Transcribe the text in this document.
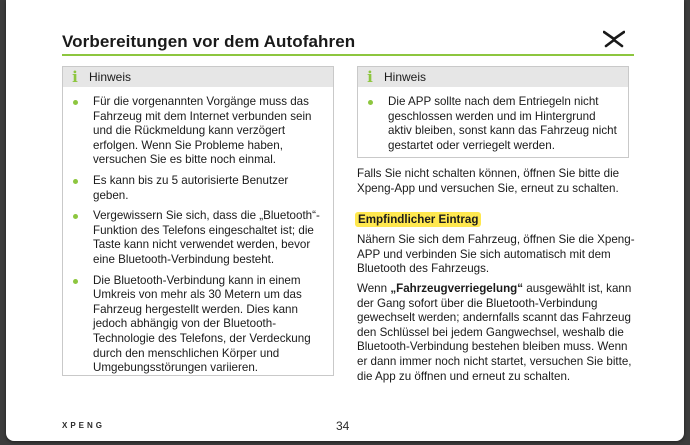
Vorbereitungen vor dem Autofahren
i Hinweis
Für die vorgenannten Vorgänge muss das Fahrzeug mit dem Internet verbunden sein und die Rückmeldung kann verzögert erfolgen. Wenn Sie Probleme haben, versuchen Sie es bitte noch einmal.
Es kann bis zu 5 autorisierte Benutzer geben.
Vergewissern Sie sich, dass die „Bluetooth“-Funktion des Telefons eingeschaltet ist; die Taste kann nicht verwendet werden, bevor eine Bluetooth-Verbindung besteht.
Die Bluetooth-Verbindung kann in einem Umkreis von mehr als 30 Metern um das Fahrzeug hergestellt werden. Dies kann jedoch abhängig von der Bluetooth-Technologie des Telefons, der Verdeckung durch den menschlichen Körper und Umgebungsstörungen variieren.
i Hinweis
Die APP sollte nach dem Entriegeln nicht geschlossen werden und im Hintergrund aktiv bleiben, sonst kann das Fahrzeug nicht gestartet oder verriegelt werden.

Falls Sie nicht schalten können, öffnen Sie bitte die Xpeng-App und versuchen Sie, erneut zu schalten.

Empfindlicher Eintrag

Nähern Sie sich dem Fahrzeug, öffnen Sie die Xpeng-APP und verbinden Sie sich automatisch mit dem Bluetooth des Fahrzeugs.

Wenn „Fahrzeugverriegelung“ ausgewählt ist, kann der Gang sofort über die Bluetooth-Verbindung gewechselt werden; andernfalls scannt das Fahrzeug den Schlüssel bei jedem Gangwechsel, weshalb die Bluetooth-Verbindung bestehen bleiben muss. Wenn er dann immer noch nicht startet, versuchen Sie bitte, die App zu öffnen und erneut zu schalten.

XPENG	34
